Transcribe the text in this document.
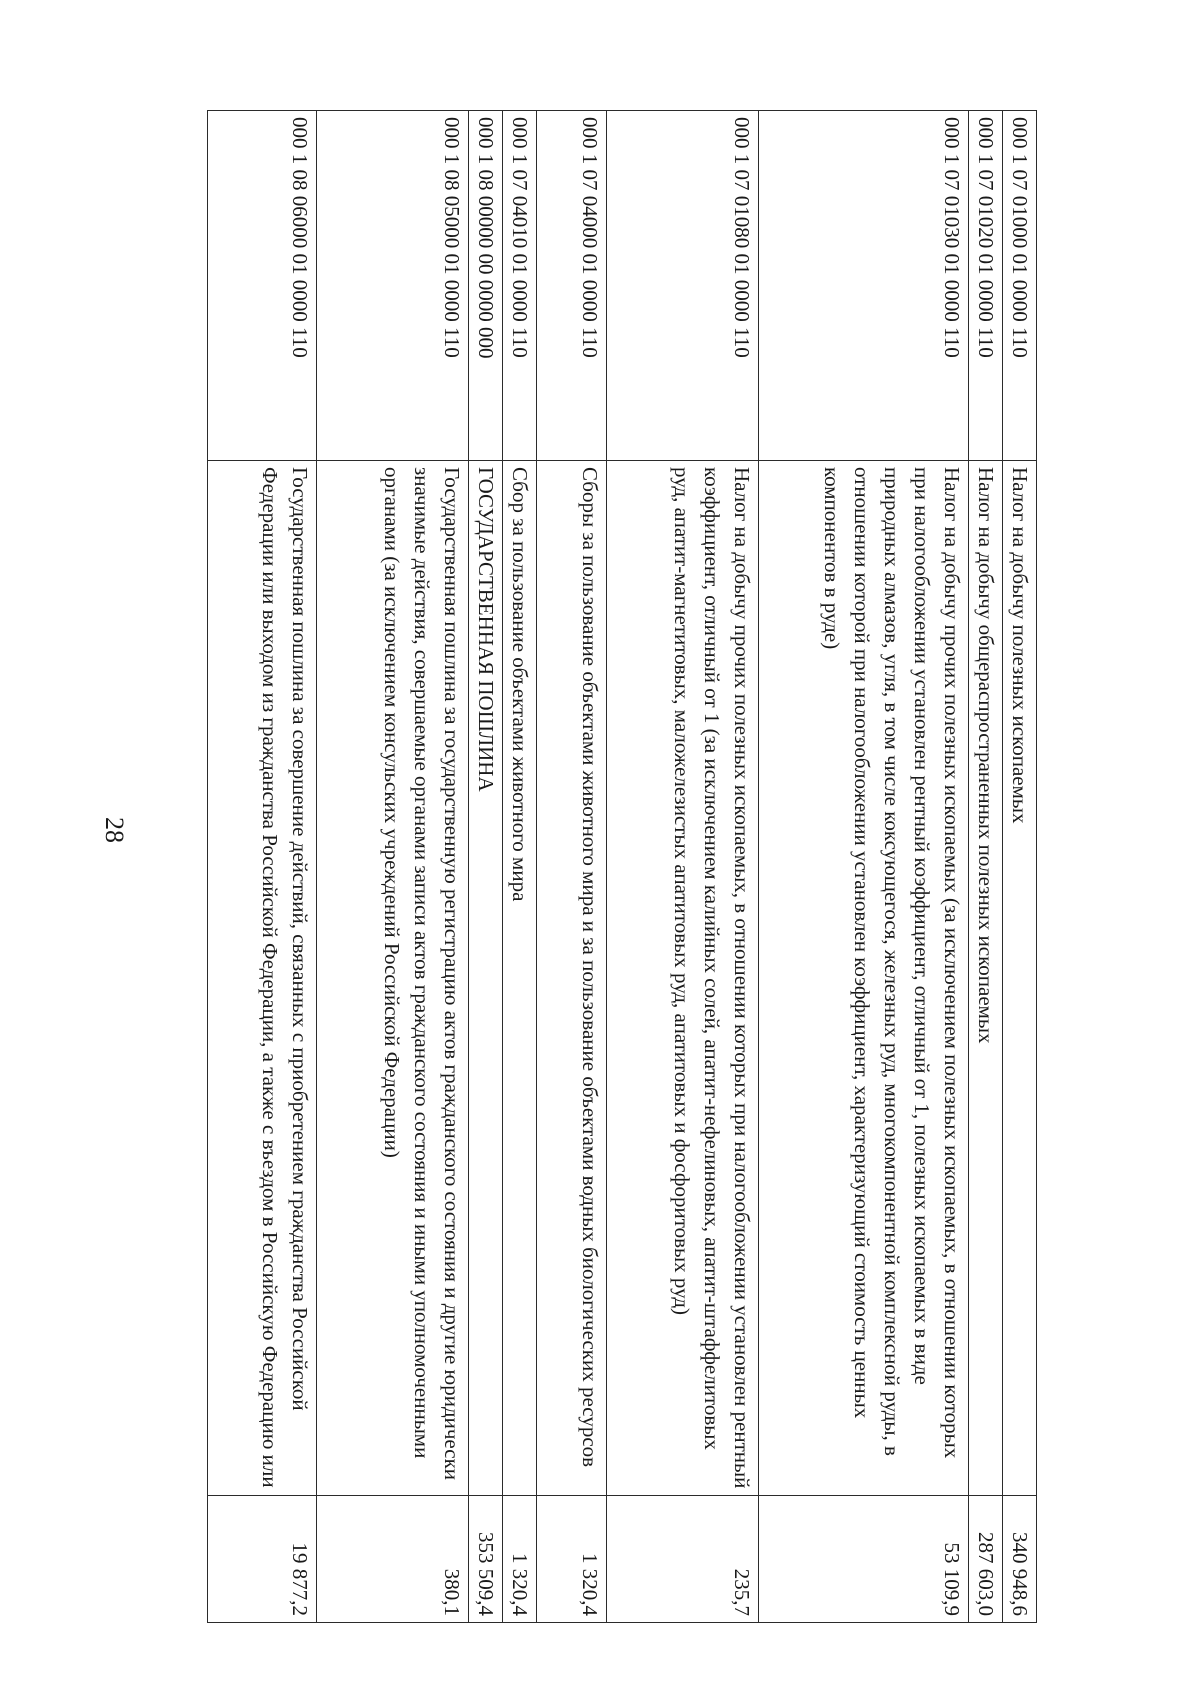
28
000 1 07 01000 01 0000 110	Налог на добычу полезных ископаемых	340 948,6
000 1 07 01020 01 0000 110	Налог на добычу общераспространенных полезных ископаемых	287 603,0
000 1 07 01030 01 0000 110	Налог на добычу прочих полезных ископаемых (за исключением полезных ископаемых, в отношении которых при налогообложении установлен рентный коэффициент, отличный от 1, полезных ископаемых в виде природных алмазов, угля, в том числе коксующегося, железных руд, многокомпонентной комплексной руды, в отношении которой при налогообложении установлен коэффициент, характеризующий стоимость ценных компонентов в руде)	53 109,9
000 1 07 01080 01 0000 110	Налог на добычу прочих полезных ископаемых, в отношении которых при налогообложении установлен рентный коэффициент, отличный от 1 (за исключением калийных солей, апатит-нефелиновых, апатит-штаффелитовых руд, апатит-магнетитовых, маложелезистых апатитовых руд, апатитовых и фосфоритовых руд)	235,7
000 1 07 04000 01 0000 110	Сборы за пользование объектами животного мира и за пользование объектами водных биологических ресурсов	1 320,4
000 1 07 04010 01 0000 110	Сбор за пользование объектами животного мира	1 320,4
000 1 08 00000 00 0000 000	ГОСУДАРСТВЕННАЯ ПОШЛИНА	353 509,4
000 1 08 05000 01 0000 110	Государственная пошлина за государственную регистрацию актов гражданского состояния и другие юридически значимые действия, совершаемые органами записи актов гражданского состояния и иными уполномоченными органами (за исключением консульских учреждений Российской Федерации)	380,1
000 1 08 06000 01 0000 110	Государственная пошлина за совершение действий, связанных с приобретением гражданства Российской Федерации или выходом из гражданства Российской Федерации, а также с въездом в Российскую Федерацию или	19 877,2
